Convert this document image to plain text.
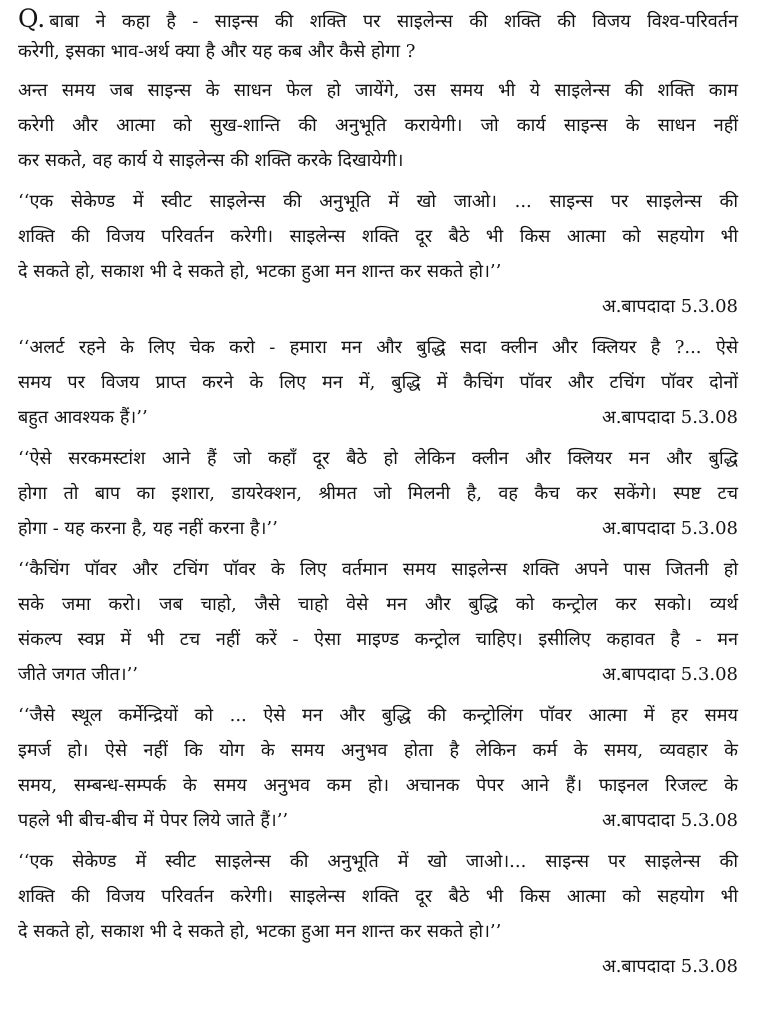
Q. बाबा ने कहा है - साइन्स की शक्ति पर साइलेन्स की शक्ति की विजय विश्व-परिवर्तन
करेगी, इसका भाव-अर्थ क्या है और यह कब और कैसे होगा ?
अन्त समय जब साइन्स के साधन फेल हो जायेंगे, उस समय भी ये साइलेन्स की शक्ति काम
करेगी और आत्मा को सुख-शान्ति की अनुभूति करायेगी। जो कार्य साइन्स के साधन नहीं
कर सकते, वह कार्य ये साइलेन्स की शक्ति करके दिखायेगी।
‘‘एक सेकेण्ड में स्वीट साइलेन्स की अनुभूति में खो जाओ। ... साइन्स पर साइलेन्स की
शक्ति की विजय परिवर्तन करेगी। साइलेन्स शक्ति दूर बैठे भी किस आत्मा को सहयोग भी
दे सकते हो, सकाश भी दे सकते हो, भटका हुआ मन शान्त कर सकते हो।’’
अ.बापदादा 5.3.08
‘‘अलर्ट रहने के लिए चेक करो - हमारा मन और बुद्धि सदा क्लीन और क्लियर है ?... ऐसे
समय पर विजय प्राप्त करने के लिए मन में, बुद्धि में कैचिंग पॉवर और टचिंग पॉवर दोनों
बहुत आवश्यक हैं।’’	अ.बापदादा 5.3.08
‘‘ऐसे सरकमस्टांश आने हैं जो कहाँ दूर बैठे हो लेकिन क्लीन और क्लियर मन और बुद्धि
होगा तो बाप का इशारा, डायरेक्शन, श्रीमत जो मिलनी है, वह कैच कर सकेंगे। स्पष्ट टच
होगा - यह करना है, यह नहीं करना है।’’	अ.बापदादा 5.3.08
‘‘कैचिंग पॉवर और टचिंग पॉवर के लिए वर्तमान समय साइलेन्स शक्ति अपने पास जितनी हो
सके जमा करो। जब चाहो, जैसे चाहो वेसे मन और बुद्धि को कन्ट्रोल कर सको। व्यर्थ
संकल्प स्वप्न में भी टच नहीं करें - ऐसा माइण्ड कन्ट्रोल चाहिए। इसीलिए कहावत है - मन
जीते जगत जीत।’’	अ.बापदादा 5.3.08
‘‘जैसे स्थूल कर्मेन्द्रियों को ... ऐसे मन और बुद्धि की कन्ट्रोलिंग पॉवर आत्मा में हर समय
इमर्ज हो। ऐसे नहीं कि योग के समय अनुभव होता है लेकिन कर्म के समय, व्यवहार के
समय, सम्बन्ध-सम्पर्क के समय अनुभव कम हो। अचानक पेपर आने हैं। फाइनल रिजल्ट के
पहले भी बीच-बीच में पेपर लिये जाते हैं।’’	अ.बापदादा 5.3.08
‘‘एक सेकेण्ड में स्वीट साइलेन्स की अनुभूति में खो जाओ।... साइन्स पर साइलेन्स की
शक्ति की विजय परिवर्तन करेगी। साइलेन्स शक्ति दूर बैठे भी किस आत्मा को सहयोग भी
दे सकते हो, सकाश भी दे सकते हो, भटका हुआ मन शान्त कर सकते हो।’’
अ.बापदादा 5.3.08
